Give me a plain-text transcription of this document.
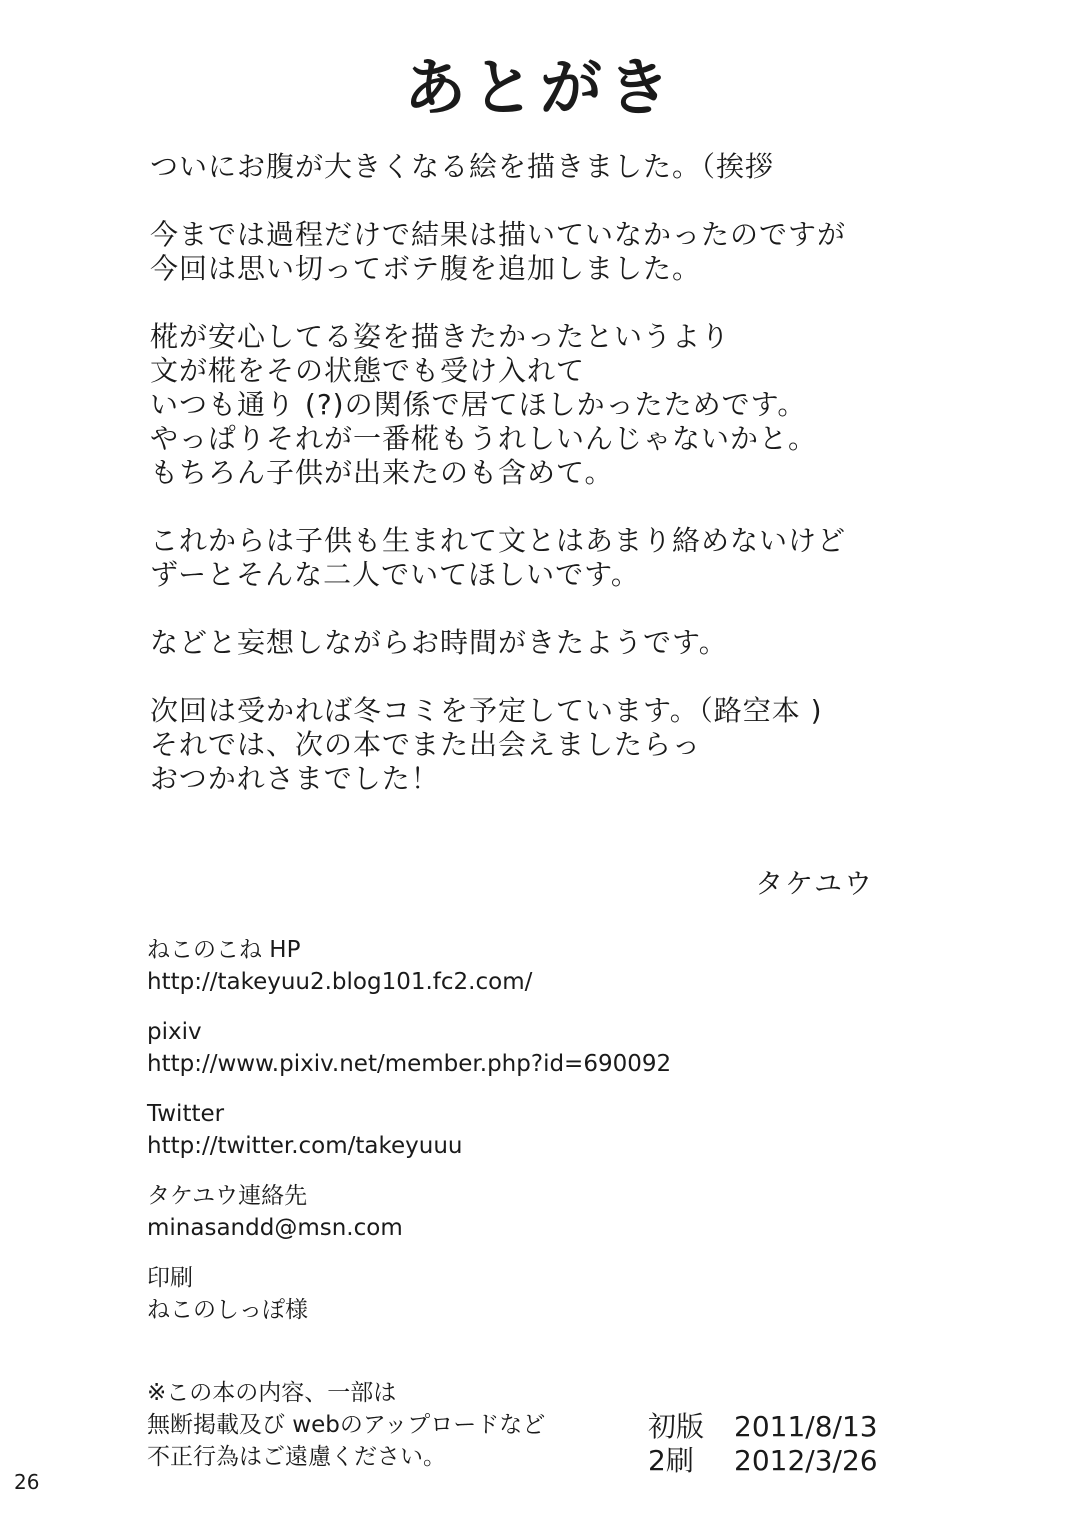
あとがき
ついにお腹が大きくなる絵を描きました。（挨拶
今までは過程だけで結果は描いていなかったのですが
今回は思い切ってボテ腹を追加しました。
椛が安心してる姿を描きたかったというより
文が椛をその状態でも受け入れて
いつも通り (?)の関係で居てほしかったためです。
やっぱりそれが一番椛もうれしいんじゃないかと。
もちろん子供が出来たのも含めて。
これからは子供も生まれて文とはあまり絡めないけど
ずーとそんな二人でいてほしいです。
などと妄想しながらお時間がきたようです。
次回は受かれば冬コミを予定しています。（路空本 )
それでは、次の本でまた出会えましたらっ
おつかれさまでした！
タケユウ
ねこのこね HP
http://takeyuu2.blog101.fc2.com/
pixiv
http://www.pixiv.net/member.php?id=690092
Twitter
http://twitter.com/takeyuuu
タケユウ連絡先
minasandd@msn.com
印刷
ねこのしっぽ様
※この本の内容、一部は
無断掲載及び webのアップロードなど
不正行為はご遠慮ください。
初版	2011/8/13
2刷	2012/3/26
26
